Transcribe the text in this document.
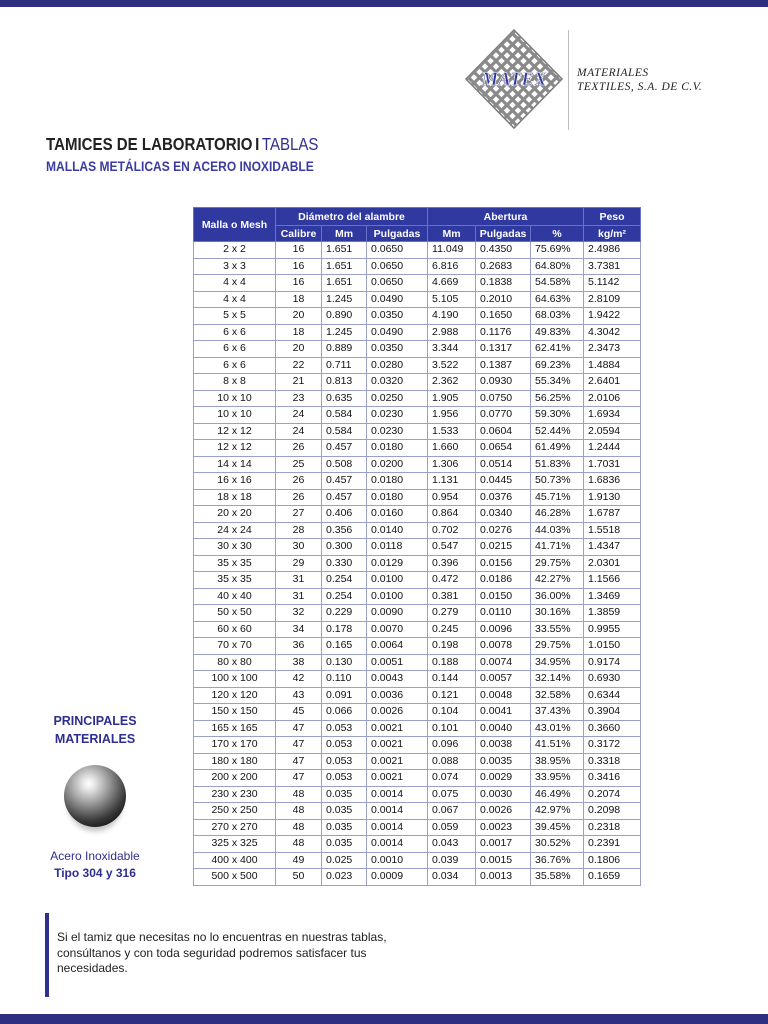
MATEX	MATERIALES
TEXTILES, S.A. DE C.V.
TAMICES DE LABORATORIO I TABLAS
MALLAS METÁLICAS EN ACERO INOXIDABLE
Malla o Mesh	Diámetro del alambre			Abertura			Peso
	Calibre	Mm	Pulgadas	Mm	Pulgadas	%	kg/m²
2 x 2	16	1.651	0.0650	11.049	0.4350	75.69%	2.4986
3 x 3	16	1.651	0.0650	6.816	0.2683	64.80%	3.7381
4 x 4	16	1.651	0.0650	4.669	0.1838	54.58%	5.1142
4 x 4	18	1.245	0.0490	5.105	0.2010	64.63%	2.8109
5 x 5	20	0.890	0.0350	4.190	0.1650	68.03%	1.9422
6 x 6	18	1.245	0.0490	2.988	0.1176	49.83%	4.3042
6 x 6	20	0.889	0.0350	3.344	0.1317	62.41%	2.3473
6 x 6	22	0.711	0.0280	3.522	0.1387	69.23%	1.4884
8 x 8	21	0.813	0.0320	2.362	0.0930	55.34%	2.6401
10 x 10	23	0.635	0.0250	1.905	0.0750	56.25%	2.0106
10 x 10	24	0.584	0.0230	1.956	0.0770	59.30%	1.6934
12 x 12	24	0.584	0.0230	1.533	0.0604	52.44%	2.0594
12 x 12	26	0.457	0.0180	1.660	0.0654	61.49%	1.2444
14 x 14	25	0.508	0.0200	1.306	0.0514	51.83%	1.7031
16 x 16	26	0.457	0.0180	1.131	0.0445	50.73%	1.6836
18 x 18	26	0.457	0.0180	0.954	0.0376	45.71%	1.9130
20 x 20	27	0.406	0.0160	0.864	0.0340	46.28%	1.6787
24 x 24	28	0.356	0.0140	0.702	0.0276	44.03%	1.5518
30 x 30	30	0.300	0.0118	0.547	0.0215	41.71%	1.4347
35 x 35	29	0.330	0.0129	0.396	0.0156	29.75%	2.0301
35 x 35	31	0.254	0.0100	0.472	0.0186	42.27%	1.1566
40 x 40	31	0.254	0.0100	0.381	0.0150	36.00%	1.3469
50 x 50	32	0.229	0.0090	0.279	0.0110	30.16%	1.3859
60 x 60	34	0.178	0.0070	0.245	0.0096	33.55%	0.9955
70 x 70	36	0.165	0.0064	0.198	0.0078	29.75%	1.0150
80 x 80	38	0.130	0.0051	0.188	0.0074	34.95%	0.9174
100 x 100	42	0.110	0.0043	0.144	0.0057	32.14%	0.6930
120 x 120	43	0.091	0.0036	0.121	0.0048	32.58%	0.6344
150 x 150	45	0.066	0.0026	0.104	0.0041	37.43%	0.3904
165 x 165	47	0.053	0.0021	0.101	0.0040	43.01%	0.3660
170 x 170	47	0.053	0.0021	0.096	0.0038	41.51%	0.3172
180 x 180	47	0.053	0.0021	0.088	0.0035	38.95%	0.3318
200 x 200	47	0.053	0.0021	0.074	0.0029	33.95%	0.3416
230 x 230	48	0.035	0.0014	0.075	0.0030	46.49%	0.2074
250 x 250	48	0.035	0.0014	0.067	0.0026	42.97%	0.2098
270 x 270	48	0.035	0.0014	0.059	0.0023	39.45%	0.2318
325 x 325	48	0.035	0.0014	0.043	0.0017	30.52%	0.2391
400 x 400	49	0.025	0.0010	0.039	0.0015	36.76%	0.1806
500 x 500	50	0.023	0.0009	0.034	0.0013	35.58%	0.1659
PRINCIPALES
MATERIALES
Acero Inoxidable
Tipo 304 y 316
Si el tamiz que necesitas no lo encuentras en nuestras tablas, consúltanos y con toda seguridad podremos satisfacer tus necesidades.
